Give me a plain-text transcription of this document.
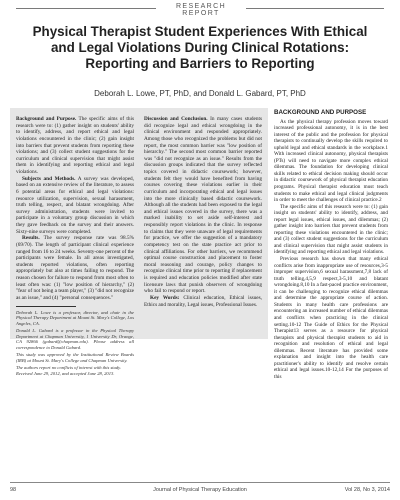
RESEARCH REPORT
Physical Therapist Student Experiences With Ethical and Legal Violations During Clinical Rotations: Reporting and Barriers to Reporting
Deborah L. Lowe, PT, PhD, and Donald L. Gabard, PT, PhD

Background and Purpose. The specific aims of this research were to: (1) gather insight on students' ability to identify, address, and report ethical and legal violations encountered in the clinic; (2) gain insight into barriers that prevent students from reporting these violations; and (3) collect student suggestions for the curriculum and clinical supervision that might assist them in identifying and reporting ethical and legal violations.

Subjects and Methods. A survey was developed, based on an extensive review of the literature, to assess 6 potential areas for ethical and legal violations: resource utilization, supervision, sexual harassment, truth telling, respect, and blatant wrongdoing. After survey administration, students were invited to participate in a voluntary group discussion in which they gave feedback on the survey and their answers. Sixty-nine surveys were completed.

Results. The survey response rate was 98.5% (69/70). The length of participant clinical experience ranged from 16 to 24 weeks. Seventy-one percent of the participants were female. In all areas investigated, students reported violations, often reporting appropriately but also at times failing to respond. The reason chosen for failure to respond from most often to least often was: (1) "low position of hierarchy," (2) "fear of not being a team player," (3) "did not recognize as an issue," and (4) "personal consequences."

Deborah L. Lowe is a professor, director, and chair in the Physical Therapy Department at Mount St. Mary's College, Los Angeles, CA.

Donald L. Gabard is a professor in the Physical Therapy Department at Chapman University, 1 University Dr, Orange, CA 92866 (gabard@chapman.edu). Please address all correspondence to Donald Gabard.

This study was approved by the Institutional Review Boards (IRB) at Mount St. Mary's College and Chapman University.

The authors report no conflicts of interest with this study.

Received June 29, 2012, and accepted June 28, 2013.

Discussion and Conclusion. In many cases students did recognize legal and ethical wrongdoing in the clinical environment and responded appropriately. Among those who recognized the problems but did not report, the most common barrier was "low position of hierarchy." The second most common barrier reported was "did not recognize as an issue." Results from the discussion groups indicated that the survey reflected topics covered in didactic coursework; however, students felt they would have benefited from having courses covering these violations earlier in their curriculum and incorporating ethical and legal issues into the more clinically based didactic coursework. Although all the students had been exposed to the legal and ethical issues covered in the survey, there was a marked inability to set aside self-interest and responsibly report violations in the clinic. In response to claims that they were unaware of legal requirements for practice, we offer the suggestion of a mandatory competency test on the state practice act prior to clinical affiliations. For other barriers, we recommend optimal course construction and placement to foster moral reasoning and courage, policy changes to recognize clinical time prior to reporting if replacement is required and education policies modified after state licensure laws that punish observers of wrongdoing who fail to respond or report.

Key Words: Clinical education, Ethical issues, Ethics and morality, Legal issues, Professional Issues.

BACKGROUND AND PURPOSE

As the physical therapy profession moves toward increased professional autonomy, it is in the best interest of the public and the profession for physical therapists to continually develop the skills required to uphold legal and ethical standards in the workplace.1 With increased clinical autonomy, physical therapists (PTs) will need to navigate more complex ethical dilemmas. The foundation for developing clinical skills related to ethical decision making should occur in didactic coursework of physical therapist education programs. Physical therapist education must teach students to make ethical and legal clinical judgments in order to meet the challenges of clinical practice.2

The specific aims of this research were to: (1) gain insight on students' ability to identify, address, and report legal issues, ethical issues, and dilemmas; (2) gather insight into barriers that prevent students from reporting these violations encountered in the clinic; and (3) collect student suggestions for the curriculum and clinical supervision that might assist students in identifying and reporting ethical and legal violations.

Previous research has shown that many ethical conflicts arise from inappropriate use of resources,3-5 improper supervision,6 sexual harassment,7,8 lack of truth telling,4,5,9 respect,3-5,10 and blatant wrongdoing.8,10 In a fast-paced practice environment, it can be challenging to recognize ethical dilemmas and determine the appropriate course of action. Students in many health care professions are encountering an increased number of ethical dilemmas and conflicts when practicing in the clinical setting.10-12 The Guide of Ethics for the Physical Therapist13 serves as a resource for physical therapists and physical therapist students to aid in recognition and resolution of ethical and legal dilemmas. Recent literature has provided some explanation and insight into the health care practitioner's ability to identify and resolve certain ethical and legal issues.10-12,14 For the purposes of this

98	Journal of Physical Therapy Education	Vol 28, No 3, 2014
